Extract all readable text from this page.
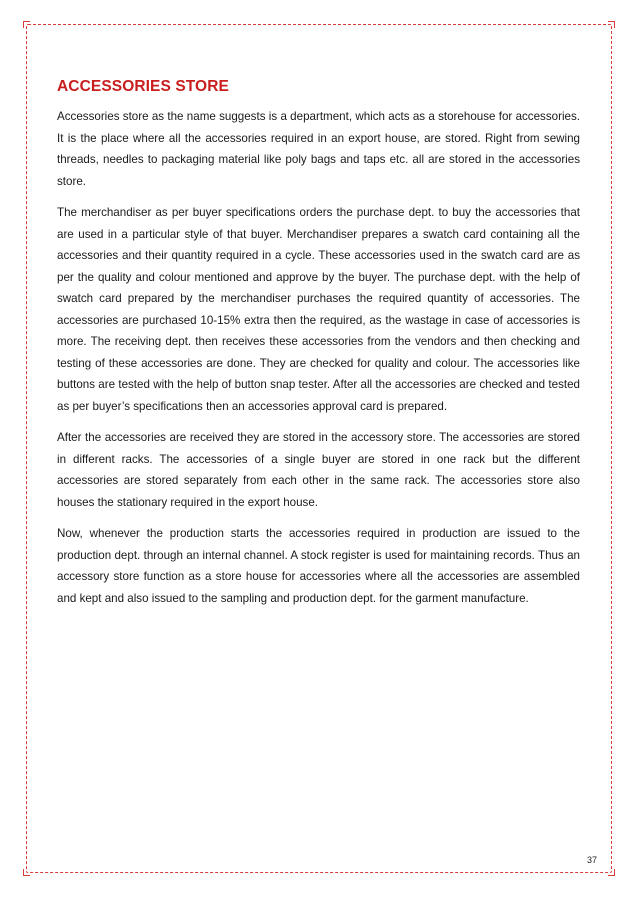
ACCESSORIES STORE

Accessories store as the name suggests is a department, which acts as a storehouse for accessories. It is the place where all the accessories required in an export house, are stored. Right from sewing threads, needles to packaging material like poly bags and taps etc. all are stored in the accessories store.

The merchandiser as per buyer specifications orders the purchase dept. to buy the accessories that are used in a particular style of that buyer. Merchandiser prepares a swatch card containing all the accessories and their quantity required in a cycle. These accessories used in the swatch card are as per the quality and colour mentioned and approve by the buyer. The purchase dept. with the help of swatch card prepared by the merchandiser purchases the required quantity of accessories. The accessories are purchased 10-15% extra then the required, as the wastage in case of accessories is more. The receiving dept. then receives these accessories from the vendors and then checking and testing of these accessories are done. They are checked for quality and colour. The accessories like buttons are tested with the help of button snap tester. After all the accessories are checked and tested as per buyer’s specifications then an accessories approval card is prepared.

After the accessories are received they are stored in the accessory store. The accessories are stored in different racks. The accessories of a single buyer are stored in one rack but the different accessories are stored separately from each other in the same rack. The accessories store also houses the stationary required in the export house.

Now, whenever the production starts the accessories required in production are issued to the production dept. through an internal channel. A stock register is used for maintaining records. Thus an accessory store function as a store house for accessories where all the accessories are assembled and kept and also issued to the sampling and production dept. for the garment manufacture.

37
